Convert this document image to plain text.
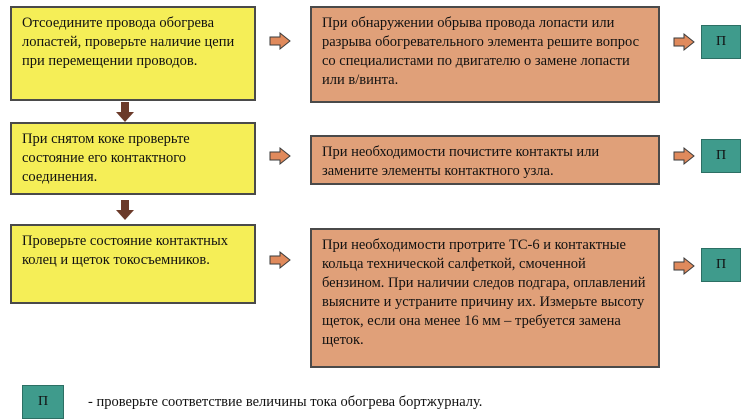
Отсоедините провода обогрева лопастей, проверьте наличие цепи при перемещении проводов.
При обнаружении обрыва провода лопасти или разрыва обогревательного элемента решите вопрос со специалистами по двигателю о замене лопасти или в/винта.
П
При снятом коке проверьте состояние его контактного соединения.
При необходимости почистите контакты или замените элементы контактного узла.
П
Проверьте состояние контактных колец и щеток токосъемников.
При необходимости протрите ТС-6 и контактные кольца технической салфеткой, смоченной бензином. При наличии следов подгара, оплавлений выясните и устраните причину их. Измерьте высоту щеток, если она менее 16 мм – требуется замена щеток.
П
П	- проверьте соответствие величины тока обогрева бортжурналу.
